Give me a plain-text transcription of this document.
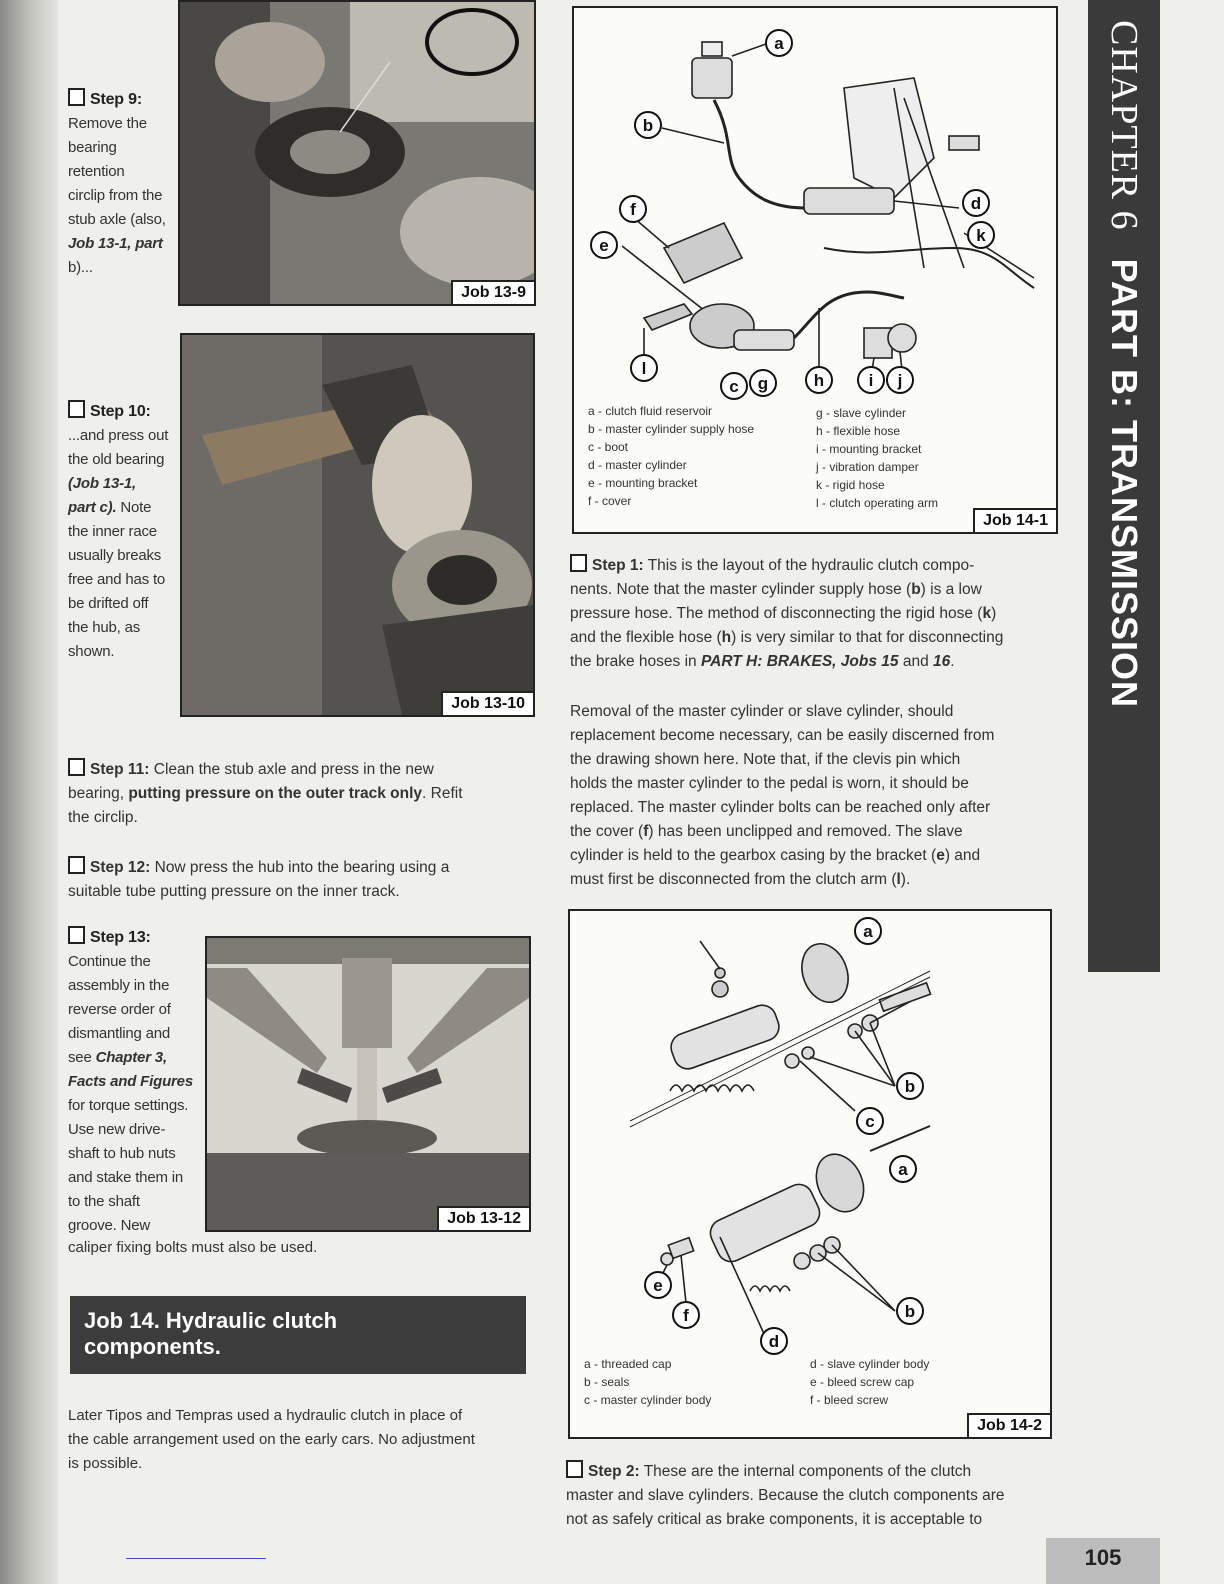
CHAPTER 6PART B: TRANSMISSION
Job 13-9
Step 9:
Remove the
bearing
retention
circlip from the
stub axle (also,
Job 13-1, part
b)...
Job 13-10
Step 10:
...and press out
the old bearing
(Job 13-1,
part c). Note
the inner race
usually breaks
free and has to
be drifted off
the hub, as
shown.
Step 11: Clean the stub axle and press in the new
bearing, putting pressure on the outer track only. Refit
the circlip.
Step 12: Now press the hub into the bearing using a
suitable tube putting pressure on the inner track.
Job 13-12
Step 13:
Continue the
assembly in the
reverse order of
dismantling and
see Chapter 3,
Facts and Figures
for torque settings.
Use new drive-
shaft to hub nuts
and stake them in
to the shaft
groove. New
caliper fixing bolts must also be used.
Job 14. Hydraulic clutch
components.
Later Tipos and Tempras used a hydraulic clutch in place of
the cable arrangement used on the early cars. No adjustment
is possible.
a
b
d
f
k
e
l
c g	h	i j
a - clutch fluid reservoir
b - master cylinder supply hose
c - boot
d - master cylinder
e - mounting bracket
f - cover
g - slave cylinder
h - flexible hose
i - mounting bracket
j - vibration damper
k - rigid hose
l - clutch operating arm
Job 14-1
Step 1: This is the layout of the hydraulic clutch compo-
nents. Note that the master cylinder supply hose (b) is a low
pressure hose. The method of disconnecting the rigid hose (k)
and the flexible hose (h) is very similar to that for disconnecting
the brake hoses in PART H: BRAKES, Jobs 15 and 16.
Removal of the master cylinder or slave cylinder, should
replacement become necessary, can be easily discerned from
the drawing shown here. Note that, if the clevis pin which
holds the master cylinder to the pedal is worn, it should be
replaced. The master cylinder bolts can be reached only after
the cover (f) has been unclipped and removed. The slave
cylinder is held to the gearbox casing by the bracket (e) and
must first be disconnected from the clutch arm (l).
a
b
c
a
e
f
d
b
a - threaded cap
b - seals
c - master cylinder body
d - slave cylinder body
e - bleed screw cap
f - bleed screw
Job 14-2
Step 2: These are the internal components of the clutch
master and slave cylinders. Because the clutch components are
not as safely critical as brake components, it is acceptable to
105
